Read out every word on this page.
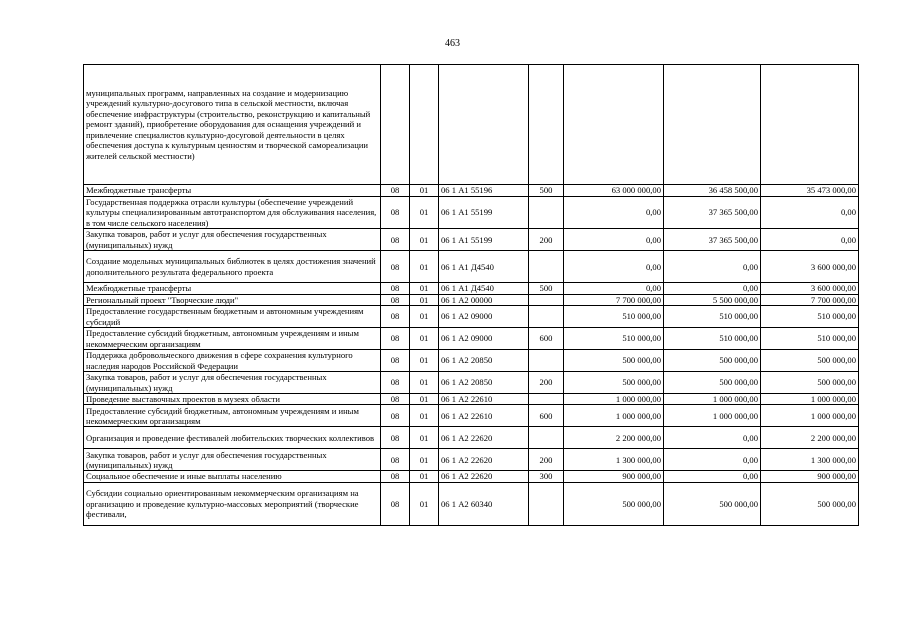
463
муниципальных программ, направленных на создание и модернизацию учреждений культурно-досугового типа в сельской местности, включая обеспечение инфраструктуры (строительство, реконструкцию и капитальный ремонт зданий), приобретение оборудования для оснащения учреждений и привлечение специалистов культурно-досуговой деятельности в целях обеспечения доступа к культурным ценностям и творческой самореализации жителей сельской местности)							
Межбюджетные трансферты	08	01	06 1 А1 55196	500	63 000 000,00	36 458 500,00	35 473 000,00
Государственная поддержка отрасли культуры (обеспечение учреждений культуры специализированным автотранспортом для обслуживания населения, в том числе сельского населения)	08	01	06 1 А1 55199		0,00	37 365 500,00	0,00
Закупка товаров, работ и услуг для обеспечения государственных (муниципальных) нужд	08	01	06 1 А1 55199	200	0,00	37 365 500,00	0,00
Создание модельных муниципальных библиотек в целях достижения значений дополнительного результата федерального проекта	08	01	06 1 А1 Д4540		0,00	0,00	3 600 000,00
Межбюджетные трансферты	08	01	06 1 А1 Д4540	500	0,00	0,00	3 600 000,00
Региональный проект "Творческие люди"	08	01	06 1 А2 00000		7 700 000,00	5 500 000,00	7 700 000,00
Предоставление государственным бюджетным и автономным учреждениям субсидий	08	01	06 1 А2 09000		510 000,00	510 000,00	510 000,00
Предоставление субсидий бюджетным, автономным учреждениям и иным некоммерческим организациям	08	01	06 1 А2 09000	600	510 000,00	510 000,00	510 000,00
Поддержка добровольческого движения в сфере сохранения культурного наследия народов Российской Федерации	08	01	06 1 А2 20850		500 000,00	500 000,00	500 000,00
Закупка товаров, работ и услуг для обеспечения государственных (муниципальных) нужд	08	01	06 1 А2 20850	200	500 000,00	500 000,00	500 000,00
Проведение выставочных проектов в музеях области	08	01	06 1 А2 22610		1 000 000,00	1 000 000,00	1 000 000,00
Предоставление субсидий бюджетным, автономным учреждениям и иным некоммерческим организациям	08	01	06 1 А2 22610	600	1 000 000,00	1 000 000,00	1 000 000,00
Организация и проведение фестивалей любительских творческих коллективов	08	01	06 1 А2 22620		2 200 000,00	0,00	2 200 000,00
Закупка товаров, работ и услуг для обеспечения государственных (муниципальных) нужд	08	01	06 1 А2 22620	200	1 300 000,00	0,00	1 300 000,00
Социальное обеспечение и иные выплаты населению	08	01	06 1 А2 22620	300	900 000,00	0,00	900 000,00
Субсидии социально ориентированным некоммерческим организациям на организацию и проведение культурно-массовых мероприятий (творческие фестивали,	08	01	06 1 А2 60340		500 000,00	500 000,00	500 000,00
